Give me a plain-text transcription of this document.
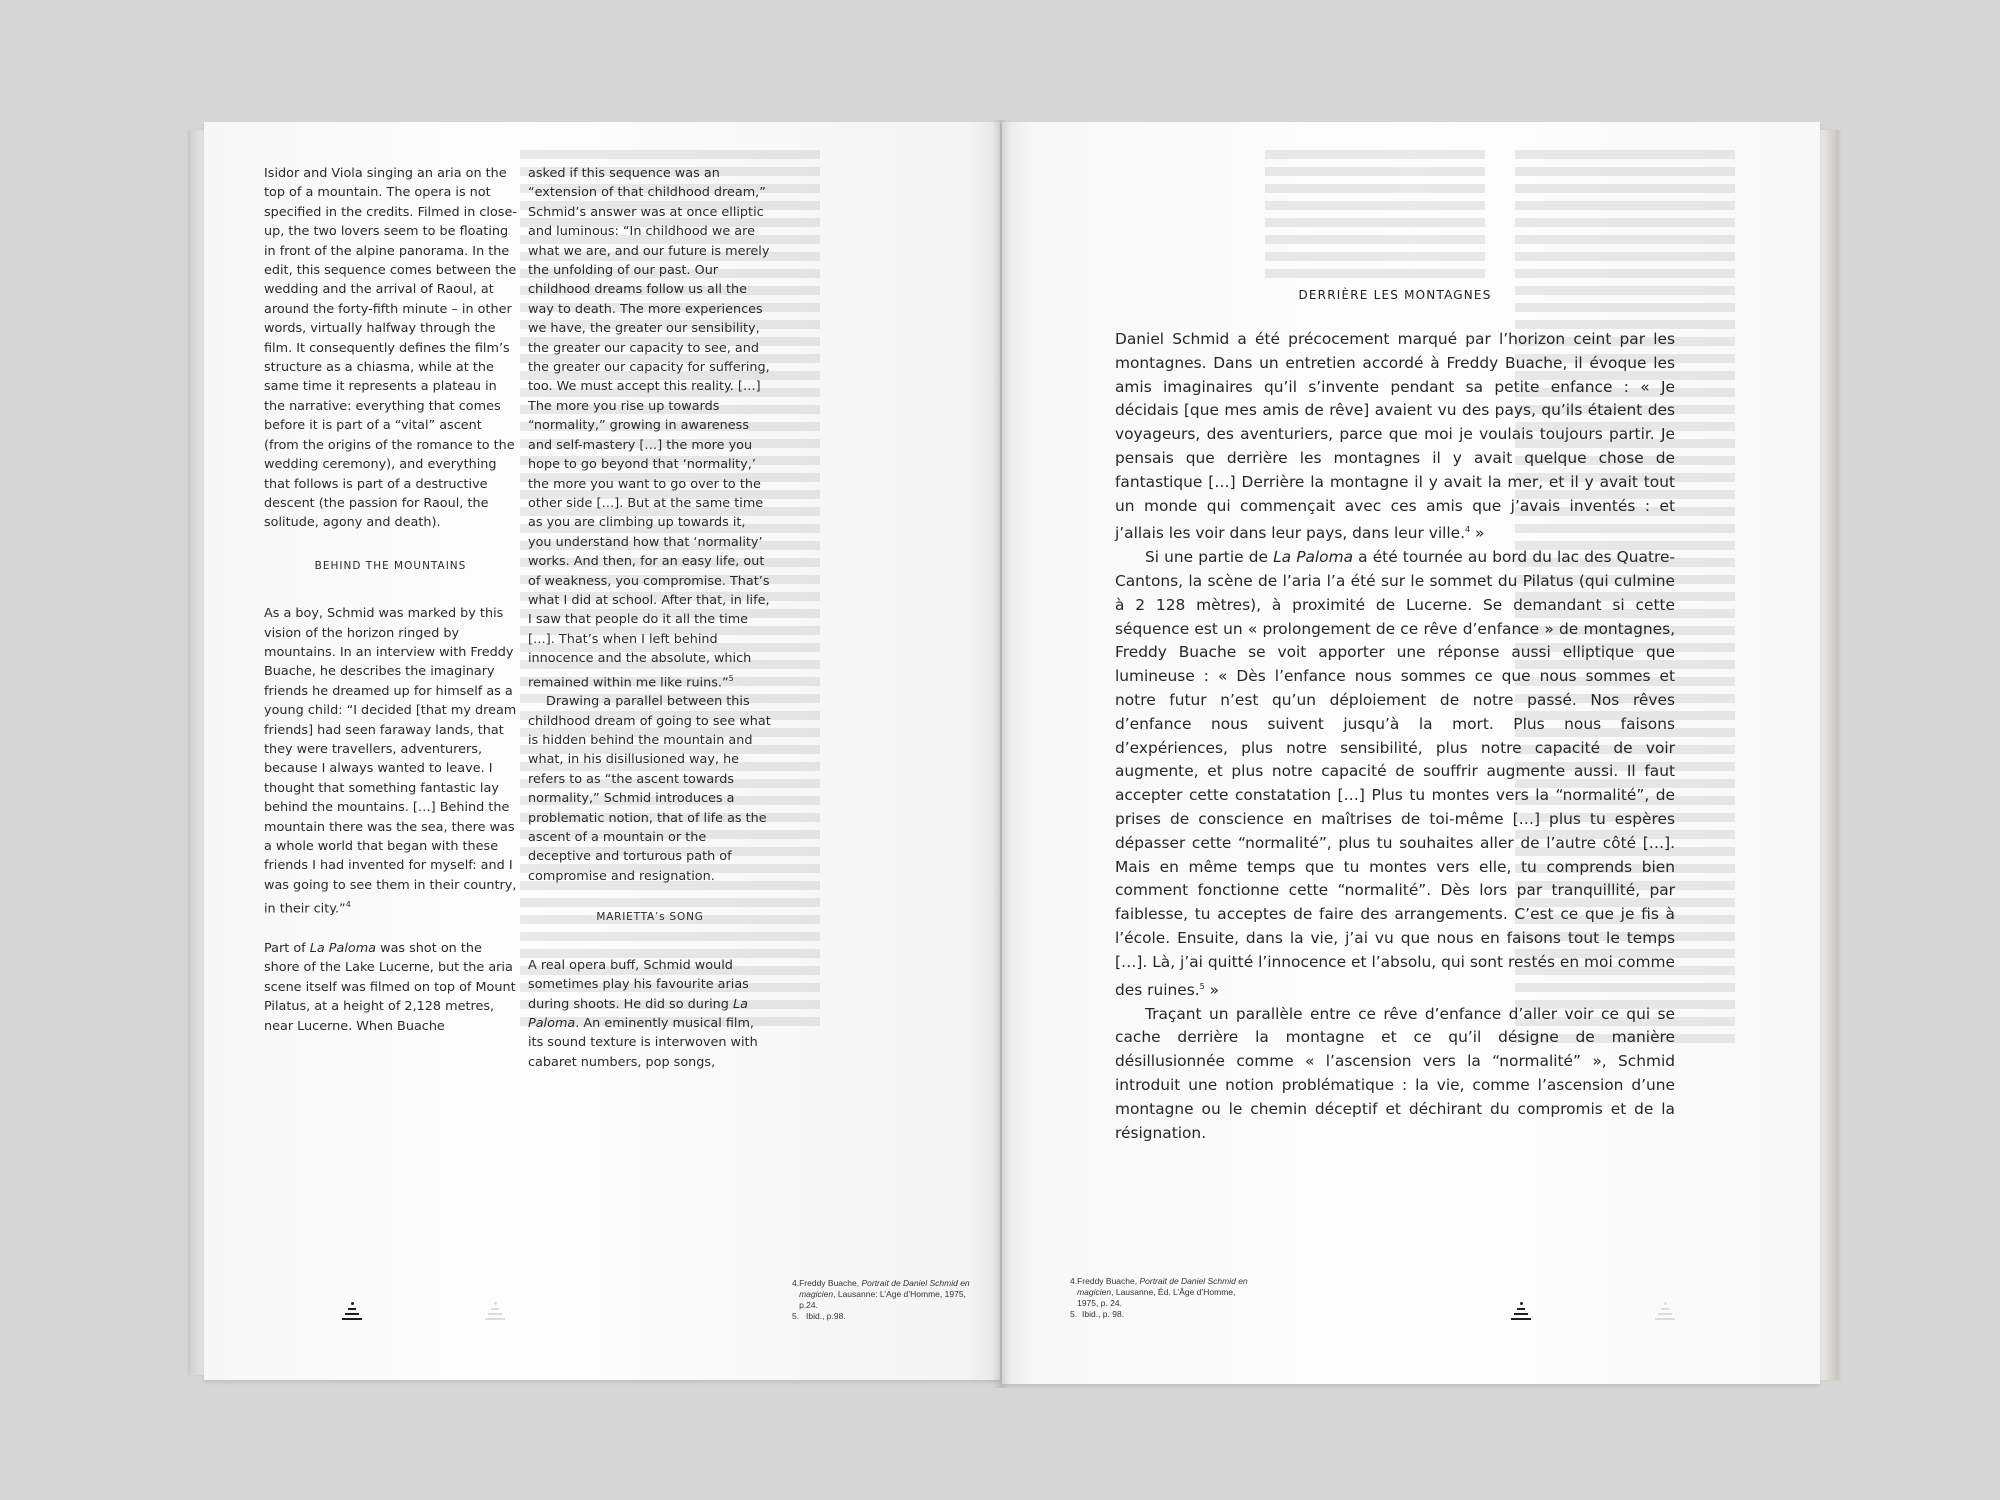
Isidor and Viola singing an aria on the top of a mountain. The opera is not specified in the credits. Filmed in close-up, the two lovers seem to be floating in front of the alpine panorama. In the edit, this sequence comes between the wedding and the arrival of Raoul, at around the forty-fifth minute – in other words, virtually halfway through the film. It consequently defines the film’s structure as a chiasma, while at the same time it represents a plateau in the narrative: everything that comes before it is part of a “vital” ascent (from the origins of the romance to the wedding ceremony), and everything that follows is part of a destructive descent (the passion for Raoul, the solitude, agony and death).

BEHIND THE MOUNTAINS

As a boy, Schmid was marked by this vision of the horizon ringed by mountains. In an interview with Freddy Buache, he describes the imaginary friends he dreamed up for himself as a young child: “I decided [that my dream friends] had seen faraway lands, that they were travellers, adventurers, because I always wanted to leave. I thought that something fantastic lay behind the mountains. […] Behind the mountain there was the sea, there was a whole world that began with these friends I had invented for myself: and I was going to see them in their country, in their city.”$^4$

Part of La Paloma was shot on the shore of the Lake Lucerne, but the aria scene itself was filmed on top of Mount Pilatus, at a height of 2,128 metres, near Lucerne. When Buache

asked if this sequence was an “extension of that childhood dream,” Schmid’s answer was at once elliptic and luminous: “In childhood we are what we are, and our future is merely the unfolding of our past. Our childhood dreams follow us all the way to death. The more experiences we have, the greater our sensibility, the greater our capacity to see, and the greater our capacity for suffering, too. We must accept this reality. […] The more you rise up towards “normality,” growing in awareness and self-mastery […] the more you hope to go beyond that ‘normality,’ the more you want to go over to the other side […]. But at the same time as you are climbing up towards it, you understand how that ‘normality’ works. And then, for an easy life, out of weakness, you compromise. That’s what I did at school. After that, in life, I saw that people do it all the time […]. That’s when I left behind innocence and the absolute, which remained within me like ruins.”$^5$

Drawing a parallel between this childhood dream of going to see what is hidden behind the mountain and what, in his disillusioned way, he refers to as “the ascent towards normality,” Schmid introduces a problematic notion, that of life as the ascent of a mountain or the deceptive and torturous path of compromise and resignation.

MARIETTA’s SONG

A real opera buff, Schmid would sometimes play his favourite arias during shoots. He did so during La Paloma. An eminently musical film, its sound texture is interwoven with cabaret numbers, pop songs,

4. Freddy Buache, Portrait de Daniel Schmid en magicien, Lausanne: L’Age d’Homme, 1975, p.24.
5. Ibid., p.98.
DERRIÈRE LES MONTAGNES

Daniel Schmid a été précocement marqué par l’horizon ceint par les montagnes. Dans un entretien accordé à Freddy Buache, il évoque les amis imaginaires qu’il s’invente pendant sa petite enfance : « Je décidais [que mes amis de rêve] avaient vu des pays, qu’ils étaient des voyageurs, des aventuriers, parce que moi je voulais toujours partir. Je pensais que derrière les montagnes il y avait quelque chose de fantastique […] Derrière la montagne il y avait la mer, et il y avait tout un monde qui commençait avec ces amis que j’avais inventés : et j’allais les voir dans leur pays, dans leur ville.$^4$ »

Si une partie de La Paloma a été tournée au bord du lac des Quatre-Cantons, la scène de l’aria l’a été sur le sommet du Pilatus (qui culmine à 2 128 mètres), à proximité de Lucerne. Se demandant si cette séquence est un « prolongement de ce rêve d’enfance » de montagnes, Freddy Buache se voit apporter une réponse aussi elliptique que lumineuse : « Dès l’enfance nous sommes ce que nous sommes et notre futur n’est qu’un déploiement de notre passé. Nos rêves d’enfance nous suivent jusqu’à la mort. Plus nous faisons d’expériences, plus notre sensibilité, plus notre capacité de voir augmente, et plus notre capacité de souffrir augmente aussi. Il faut accepter cette constatation […] Plus tu montes vers la “normalité”, de prises de conscience en maîtrises de toi-même […] plus tu espères dépasser cette “normalité”, plus tu souhaites aller de l’autre côté […]. Mais en même temps que tu montes vers elle, tu comprends bien comment fonctionne cette “normalité”. Dès lors par tranquillité, par faiblesse, tu acceptes de faire des arrangements. C’est ce que je fis à l’école. Ensuite, dans la vie, j’ai vu que nous en faisons tout le temps […]. Là, j’ai quitté l’innocence et l’absolu, qui sont restés en moi comme des ruines.$^5$ »

Traçant un parallèle entre ce rêve d’enfance d’aller voir ce qui se cache derrière la montagne et ce qu’il désigne de manière désillusionnée comme « l’ascension vers la “normalité” », Schmid introduit une notion problématique : la vie, comme l’ascension d’une montagne ou le chemin déceptif et déchirant du compromis et de la résignation.

4. Freddy Buache, Portrait de Daniel Schmid en magicien, Lausanne, Éd. L’Âge d’Homme, 1975, p. 24.
5. Ibid., p. 98.
